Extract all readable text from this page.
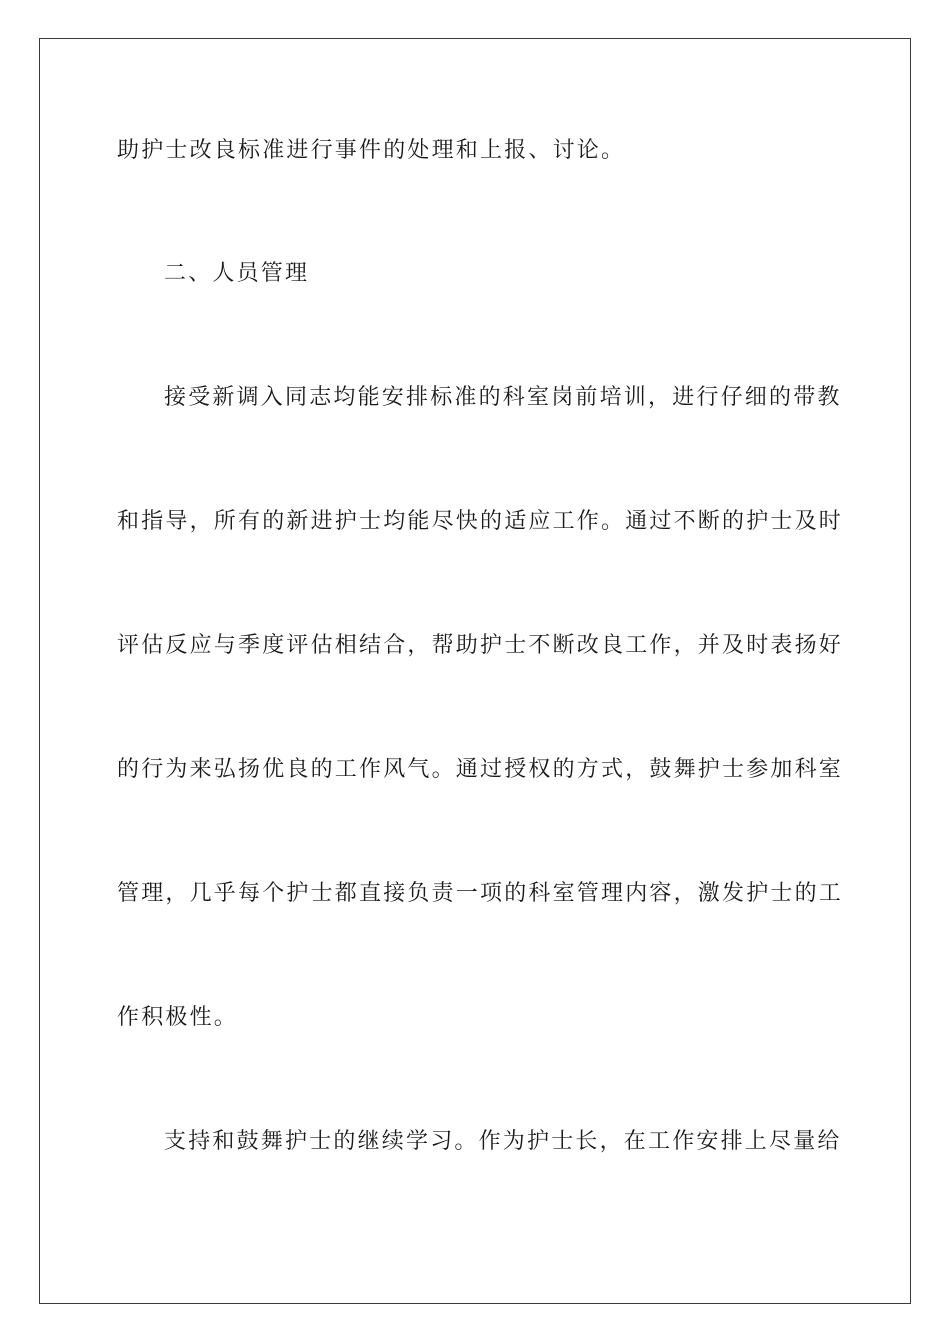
助护士改良标准进行事件的处理和上报、讨论。

二、人员管理

接受新调入同志均能安排标准的科室岗前培训，进行仔细的带教

和指导，所有的新进护士均能尽快的适应工作。通过不断的护士及时

评估反应与季度评估相结合，帮助护士不断改良工作，并及时表扬好

的行为来弘扬优良的工作风气。通过授权的方式，鼓舞护士参加科室

管理，几乎每个护士都直接负责一项的科室管理内容，激发护士的工

作积极性。

支持和鼓舞护士的继续学习。作为护士长，在工作安排上尽量给
